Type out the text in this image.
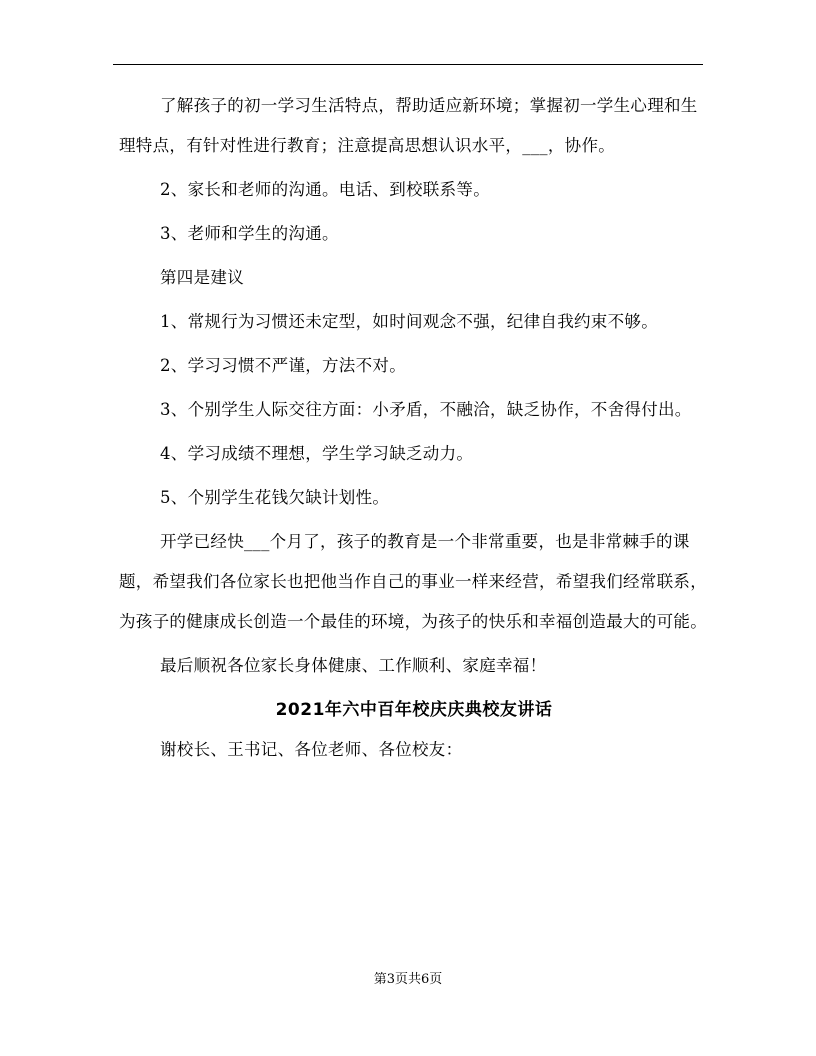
了解孩子的初一学习生活特点，帮助适应新环境；掌握初一学生心理和生理特点，有针对性进行教育；注意提高思想认识水平，___，协作。

2、家长和老师的沟通。电话、到校联系等。

3、老师和学生的沟通。

第四是建议

1、常规行为习惯还未定型，如时间观念不强，纪律自我约束不够。

2、学习习惯不严谨，方法不对。

3、个别学生人际交往方面：小矛盾，不融洽，缺乏协作，不舍得付出。

4、学习成绩不理想，学生学习缺乏动力。

5、个别学生花钱欠缺计划性。

开学已经快___个月了，孩子的教育是一个非常重要，也是非常棘手的课题，希望我们各位家长也把他当作自己的事业一样来经营，希望我们经常联系，为孩子的健康成长创造一个最佳的环境，为孩子的快乐和幸福创造最大的可能。

最后顺祝各位家长身体健康、工作顺利、家庭幸福！

2021年六中百年校庆庆典校友讲话

谢校长、王书记、各位老师、各位校友：

第3页共6页
